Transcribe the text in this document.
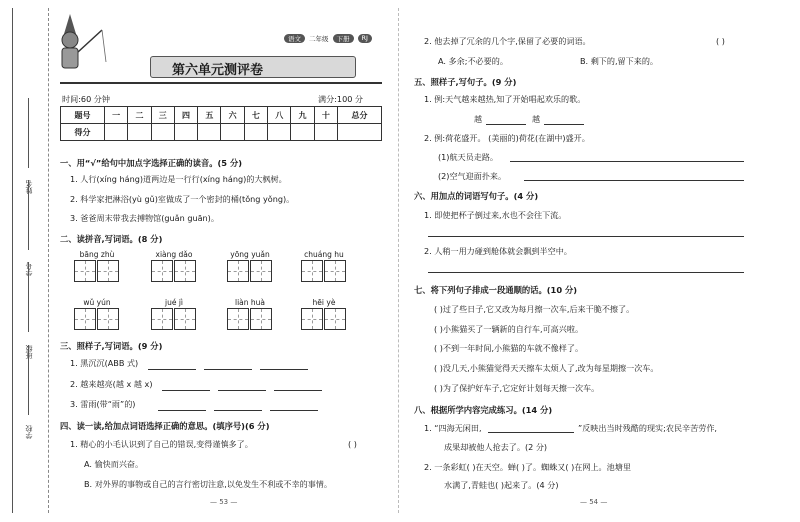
姓名
学号
班级
学校
语文	二年级	下册	RJ
第六单元测评卷
时间:60 分钟	满分:100 分
题号	一	二	三	四	五	六	七	八	九	十	总分
得分											
一、用“√”给句中加点字选择正确的读音。(5 分)
1. 人行(xíng háng)道两边是一行行(xíng háng)的大枫树。
2. 科学家把淋浴(yù gǔ)室做成了一个密封的桶(tǒng yǒng)。
3. 爸爸周末带我去搏物馆(guǎn guān)。
二、读拼音,写词语。(8 分)
bāng zhù	xiàng dǎo	yōng yuǎn	chuáng hu
wǔ yún	jué jì	liàn huà	hēi yè
三、照样子,写词语。(9 分)
1. 黑沉沉(ABB 式)
2. 越来越亮(越 x 越 x)
3. 雷雨(带“雨”的)
四、读一读,给加点词语选择正确的意思。(填序号)(6 分)
1. 精心的小毛认识到了自己的错误,变得谨慎多了。	( )
A. 愉快而兴奋。
B. 对外界的事物或自己的言行密切注意,以免发生不利或不幸的事情。
— 53 —
2. 他去掉了冗余的几个字,保留了必要的词语。	( )
A. 多余;不必要的。	B. 剩下的,留下来的。
五、照样子,写句子。(9 分)
1. 例:天气越来越热,知了开始唱起欢乐的歌。
越	越
2. 例:荷花盛开。 (美丽的)荷花(在湖中)盛开。
(1)航天员走路。
(2)空气迎面扑来。
六、用加点的词语写句子。(4 分)
1. 即使把杯子倒过来,水也不会往下流。
2. 人稍一用力碰到舱体就会飘到半空中。
七、将下列句子排成一段通顺的话。(10 分)
( )过了些日子,它又改为每月擦一次车,后来干脆不擦了。
( )小熊猫买了一辆新的自行车,可高兴啦。
( )不到一年时间,小熊猫的车就不像样了。
( )没几天,小熊猫觉得天天擦车太烦人了,改为每星期擦一次车。
( )为了保护好车子,它定好计划每天擦一次车。
八、根据所学内容完成练习。(14 分)
1. “四海无闲田,	”反映出当时残酷的现实;农民辛苦劳作,
成果却被他人抢去了。(2 分)
2. 一条彩虹( )在天空。蝉( )了。蜘蛛又( )在网上。池塘里
水满了,青蛙也( )起来了。(4 分)
— 54 —
